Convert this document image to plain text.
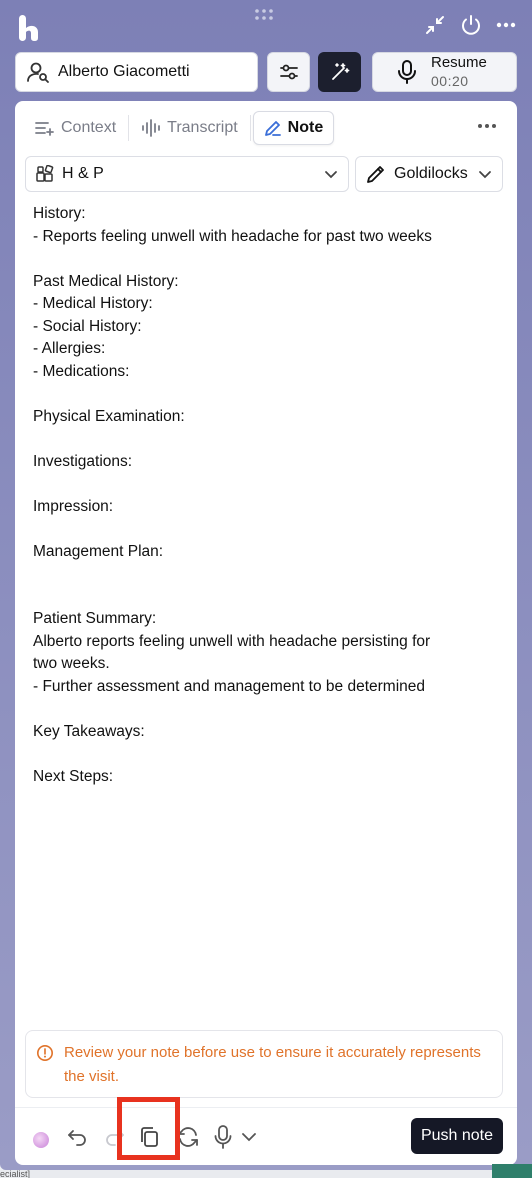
Alberto Giacometti
Resume
00:20
Context	Transcript	Note
H & P	Goldilocks
History:
- Reports feeling unwell with headache for past two weeks
Past Medical History:
- Medical History:
- Social History:
- Allergies:
- Medications:
Physical Examination:
Investigations:
Impression:
Management Plan:
Patient Summary:
Alberto reports feeling unwell with headache persisting for
two weeks.
- Further assessment and management to be determined
Key Takeaways:
Next Steps:
Review your note before use to ensure it accurately represents the visit.
Push note
ecialist]
